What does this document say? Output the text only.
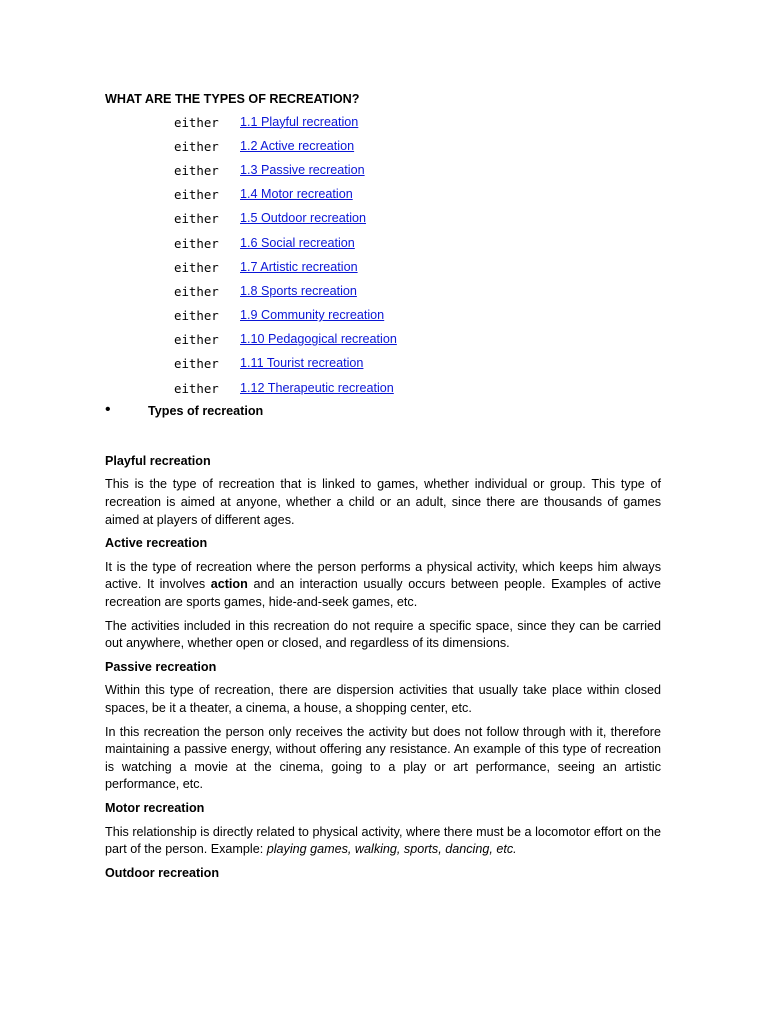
WHAT ARE THE TYPES OF RECREATION?
either	1.1 Playful recreation
either	1.2 Active recreation
either	1.3 Passive recreation
either	1.4 Motor recreation
either	1.5 Outdoor recreation
either	1.6 Social recreation
either	1.7 Artistic recreation
either	1.8 Sports recreation
either	1.9 Community recreation
either	1.10 Pedagogical recreation
either	1.11 Tourist recreation
either	1.12 Therapeutic recreation
•	Types of recreation
Playful recreation

This is the type of recreation that is linked to games, whether individual or group. This type of recreation is aimed at anyone, whether a child or an adult, since there are thousands of games aimed at players of different ages.

Active recreation

It is the type of recreation where the person performs a physical activity, which keeps him always active. It involves action and an interaction usually occurs between people. Examples of active recreation are sports games, hide-and-seek games, etc.

The activities included in this recreation do not require a specific space, since they can be carried out anywhere, whether open or closed, and regardless of its dimensions.

Passive recreation

Within this type of recreation, there are dispersion activities that usually take place within closed spaces, be it a theater, a cinema, a house, a shopping center, etc.

In this recreation the person only receives the activity but does not follow through with it, therefore maintaining a passive energy, without offering any resistance. An example of this type of recreation is watching a movie at the cinema, going to a play or art performance, seeing an artistic performance, etc.

Motor recreation

This relationship is directly related to physical activity, where there must be a locomotor effort on the part of the person. Example: playing games, walking, sports, dancing, etc.

Outdoor recreation
